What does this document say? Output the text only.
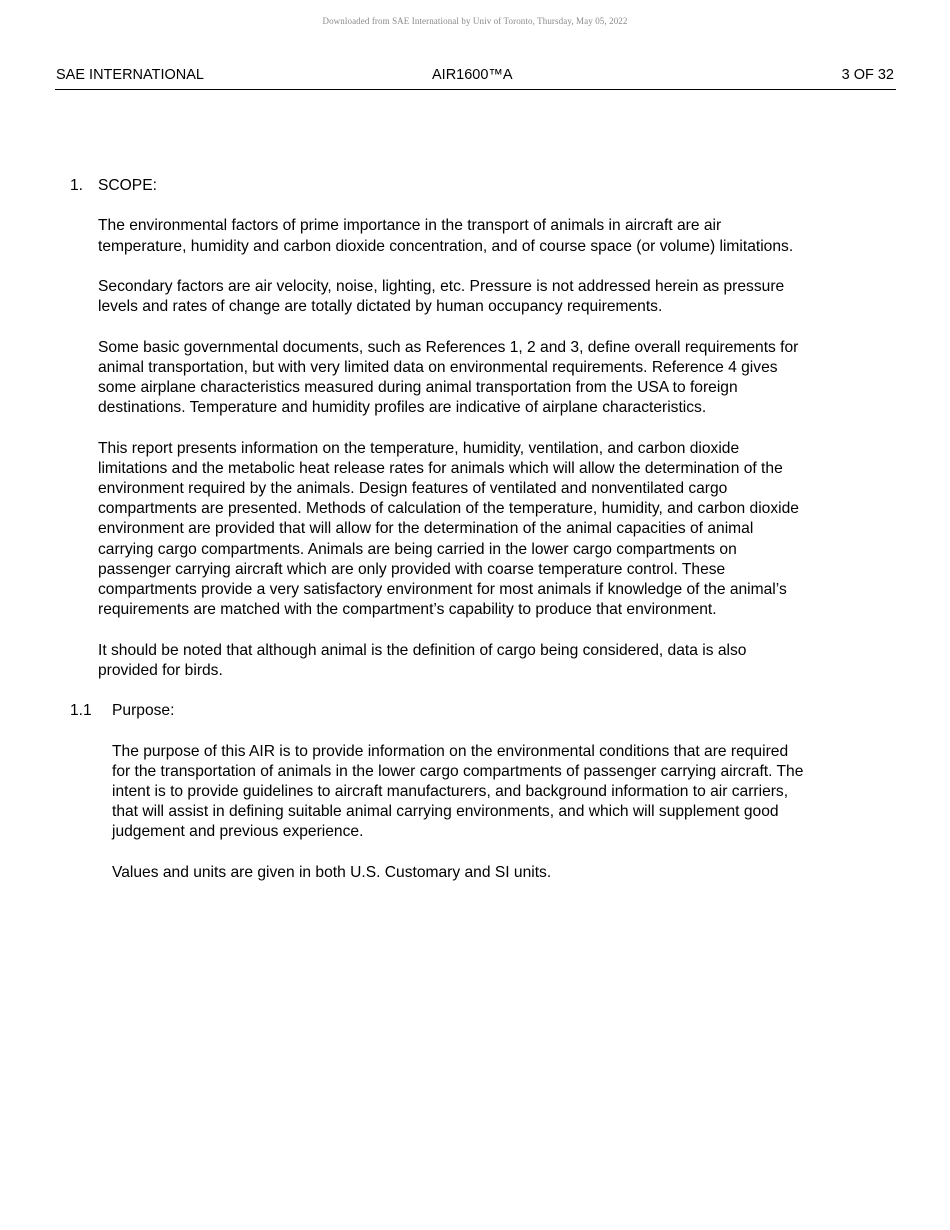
Downloaded from SAE International by Univ of Toronto, Thursday, May 05, 2022
SAE INTERNATIONAL	AIR1600™A	3 OF 32
1. SCOPE:

The environmental factors of prime importance in the transport of animals in aircraft are air
temperature, humidity and carbon dioxide concentration, and of course space (or volume) limitations.

Secondary factors are air velocity, noise, lighting, etc. Pressure is not addressed herein as pressure
levels and rates of change are totally dictated by human occupancy requirements.

Some basic governmental documents, such as References 1, 2 and 3, define overall requirements for
animal transportation, but with very limited data on environmental requirements. Reference 4 gives
some airplane characteristics measured during animal transportation from the USA to foreign
destinations. Temperature and humidity profiles are indicative of airplane characteristics.

This report presents information on the temperature, humidity, ventilation, and carbon dioxide
limitations and the metabolic heat release rates for animals which will allow the determination of the
environment required by the animals. Design features of ventilated and nonventilated cargo
compartments are presented. Methods of calculation of the temperature, humidity, and carbon dioxide
environment are provided that will allow for the determination of the animal capacities of animal
carrying cargo compartments. Animals are being carried in the lower cargo compartments on
passenger carrying aircraft which are only provided with coarse temperature control. These
compartments provide a very satisfactory environment for most animals if knowledge of the animal’s
requirements are matched with the compartment’s capability to produce that environment.

It should be noted that although animal is the definition of cargo being considered, data is also
provided for birds.

1.1 Purpose:

The purpose of this AIR is to provide information on the environmental conditions that are required
for the transportation of animals in the lower cargo compartments of passenger carrying aircraft. The
intent is to provide guidelines to aircraft manufacturers, and background information to air carriers,
that will assist in defining suitable animal carrying environments, and which will supplement good
judgement and previous experience.

Values and units are given in both U.S. Customary and SI units.
